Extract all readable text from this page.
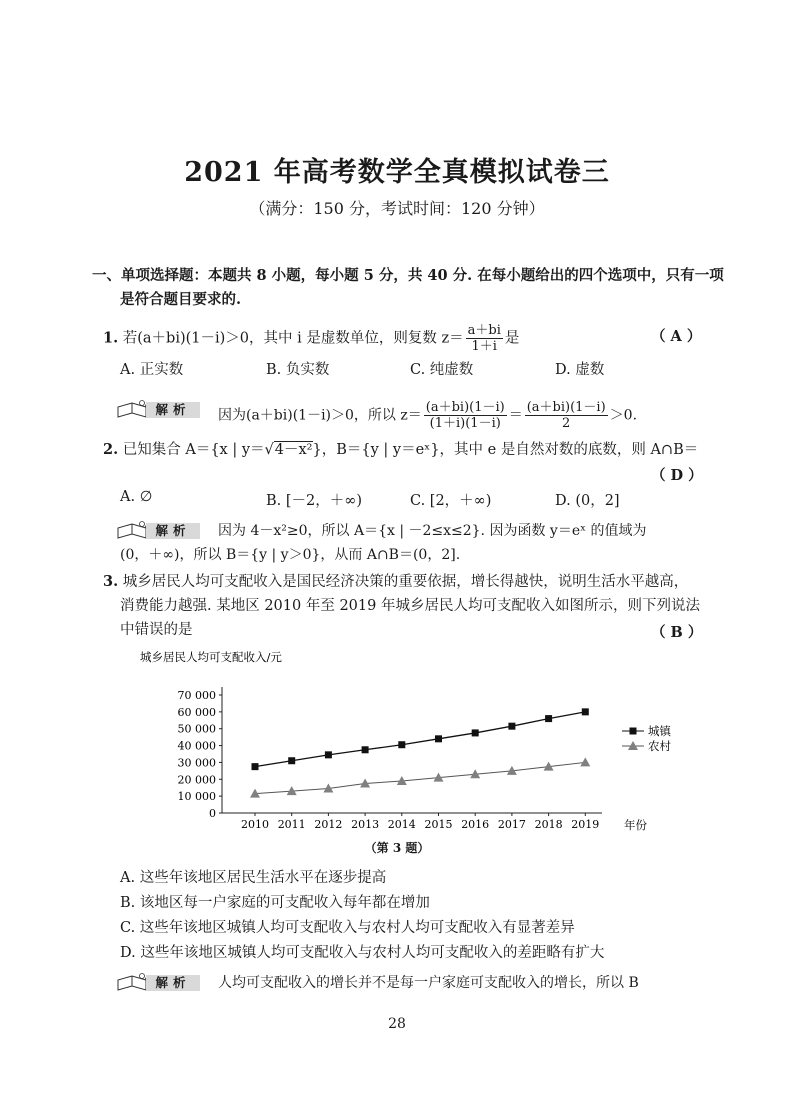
2021 年高考数学全真模拟试卷三
（满分：150 分，考试时间：120 分钟）
一、单项选择题：本题共 8 小题，每小题 5 分，共 40 分. 在每小题给出的四个选项中，只有一项
是符合题目要求的.
1. 若(a＋bi)(1－i)＞0，其中 i 是虚数单位，则复数 $z= \frac{a+bi}{1+i}$ 是	（ A ）
A. 正实数	B. 负实数	C. 纯虚数	D. 虚数
解析	因为(a＋bi)(1－i)＞0，所以 $z= \frac{(a+bi)(1-i)}{(1+i)(1-i)} = \frac{(a+bi)(1-i)}{2} >0$.
2. 已知集合 A＝{x | y＝√4－x²}，B＝{y | y＝eˣ}，其中 e 是自然对数的底数，则 A∩B＝
（ D ）
A. ∅	B. [－2，＋∞)	C. [2，＋∞)	D. (0，2]
解析	因为 4－x²≥0，所以 A＝{x | －2≤x≤2}. 因为函数 y＝eˣ 的值域为
(0，＋∞)，所以 B＝{y | y＞0}，从而 A∩B＝(0，2].
3. 城乡居民人均可支配收入是国民经济决策的重要依据，增长得越快，说明生活水平越高，
消费能力越强. 某地区 2010 年至 2019 年城乡居民人均可支配收入如图所示，则下列说法
中错误的是	（ B ）
城乡居民人均可支配收入/元
0
10 000
20 000
30 000
40 000
50 000
60 000
70 000
2010 2011 2012 2013 2014 2015 2016 2017 2018 2019 年份
城镇
农村
（第 3 题）
A. 这些年该地区居民生活水平在逐步提高
B. 该地区每一户家庭的可支配收入每年都在增加
C. 这些年该地区城镇人均可支配收入与农村人均可支配收入有显著差异
D. 这些年该地区城镇人均可支配收入与农村人均可支配收入的差距略有扩大
解析	人均可支配收入的增长并不是每一户家庭可支配收入的增长，所以 B
28
